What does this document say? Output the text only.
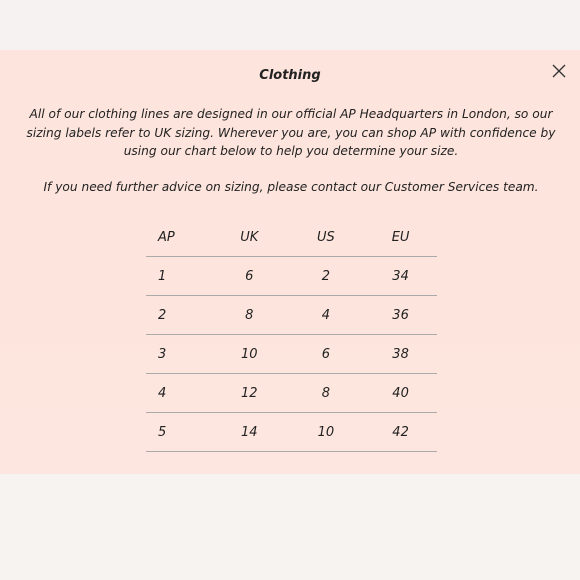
Clothing
All of our clothing lines are designed in our official AP Headquarters in London, so our sizing labels refer to UK sizing. Wherever you are, you can shop AP with confidence by using our chart below to help you determine your size.
If you need further advice on sizing, please contact our Customer Services team.
AP	UK	US	EU
1	6	2	34
2	8	4	36
3	10	6	38
4	12	8	40
5	14	10	42
